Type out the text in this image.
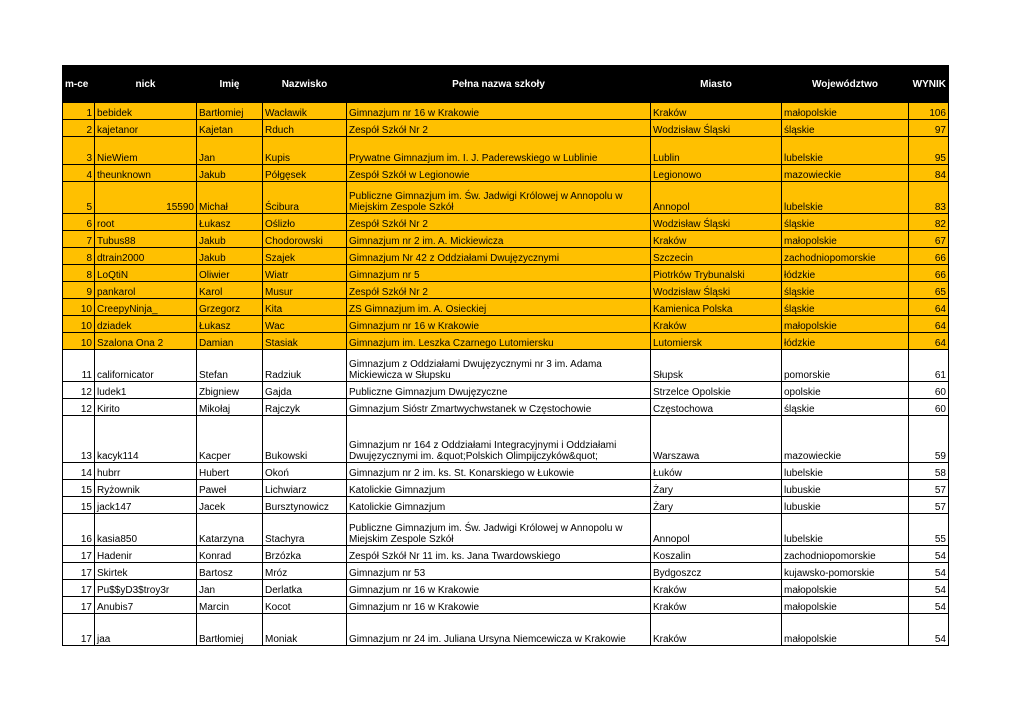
m-ce	nick	Imię	Nazwisko	Pełna nazwa szkoły	Miasto	Województwo	WYNIK
1	bebidek	Bartłomiej	Wacławik	Gimnazjum nr 16 w Krakowie	Kraków	małopolskie	106
2	kajetanor	Kajetan	Rduch	Zespół Szkół Nr 2	Wodzisław Śląski	śląskie	97
3	NieWiem	Jan	Kupis	Prywatne Gimnazjum im. I. J. Paderewskiego w Lublinie	Lublin	lubelskie	95
4	theunknown	Jakub	Półgęsek	Zespół Szkół w Legionowie	Legionowo	mazowieckie	84
5	15590	Michał	Ścibura	Publiczne Gimnazjum im. Św. Jadwigi Królowej w Annopolu w Miejskim Zespole Szkół	Annopol	lubelskie	83
6	root	Łukasz	Oślizło	Zespół Szkół Nr 2	Wodzisław Śląski	śląskie	82
7	Tubus88	Jakub	Chodorowski	Gimnazjum nr 2 im. A. Mickiewicza	Kraków	małopolskie	67
8	dtrain2000	Jakub	Szajek	Gimnazjum Nr 42 z Oddziałami Dwujęzycznymi	Szczecin	zachodniopomorskie	66
8	LoQtiN	Oliwier	Wiatr	Gimnazjum nr 5	Piotrków Trybunalski	łódzkie	66
9	pankarol	Karol	Musur	Zespół Szkół Nr 2	Wodzisław Śląski	śląskie	65
10	CreepyNinja_	Grzegorz	Kita	ZS Gimnazjum im. A. Osieckiej	Kamienica Polska	śląskie	64
10	dziadek	Łukasz	Wac	Gimnazjum nr 16 w Krakowie	Kraków	małopolskie	64
10	Szalona Ona 2	Damian	Stasiak	Gimnazjum im. Leszka Czarnego Lutomiersku	Lutomiersk	łódzkie	64
11	californicator	Stefan	Radziuk	Gimnazjum z Oddziałami Dwujęzycznymi nr 3 im. Adama Mickiewicza w Słupsku	Słupsk	pomorskie	61
12	ludek1	Zbigniew	Gajda	Publiczne Gimnazjum Dwujęzyczne	Strzelce Opolskie	opolskie	60
12	Kirito	Mikołaj	Rajczyk	Gimnazjum Sióstr Zmartwychwstanek w Częstochowie	Częstochowa	śląskie	60
13	kacyk114	Kacper	Bukowski	Gimnazjum nr 164 z Oddziałami Integracyjnymi i Oddziałami Dwujęzycznymi im. &quot;Polskich Olimpijczyków&quot;	Warszawa	mazowieckie	59
14	hubrr	Hubert	Okoń	Gimnazjum nr 2 im. ks. St. Konarskiego w Łukowie	Łuków	lubelskie	58
15	Ryżownik	Paweł	Lichwiarz	Katolickie Gimnazjum	Żary	lubuskie	57
15	jack147	Jacek	Bursztynowicz	Katolickie Gimnazjum	Żary	lubuskie	57
16	kasia850	Katarzyna	Stachyra	Publiczne Gimnazjum im. Św. Jadwigi Królowej w Annopolu w Miejskim Zespole Szkół	Annopol	lubelskie	55
17	Hadenir	Konrad	Brzózka	Zespół Szkół Nr 11 im. ks. Jana Twardowskiego	Koszalin	zachodniopomorskie	54
17	Skirtek	Bartosz	Mróz	Gimnazjum nr 53	Bydgoszcz	kujawsko-pomorskie	54
17	Pu$$yD3$troy3r	Jan	Derlatka	Gimnazjum nr 16 w Krakowie	Kraków	małopolskie	54
17	Anubis7	Marcin	Kocot	Gimnazjum nr 16 w Krakowie	Kraków	małopolskie	54
17	jaa	Bartłomiej	Moniak	Gimnazjum nr 24 im. Juliana Ursyna Niemcewicza w Krakowie	Kraków	małopolskie	54
